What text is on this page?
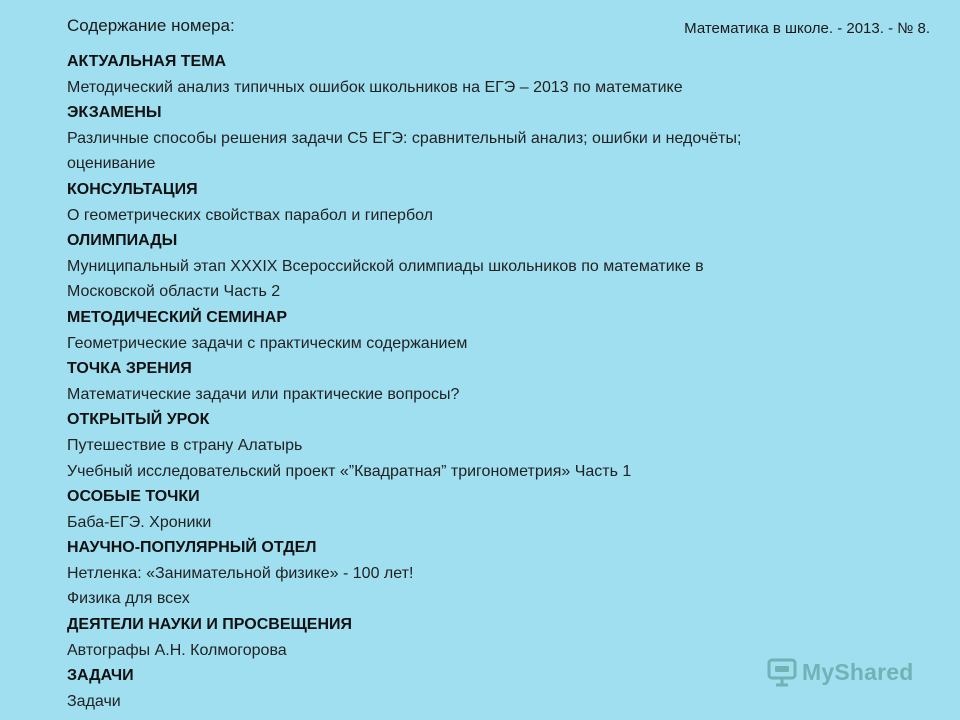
Содержание номера:	Математика в школе. - 2013. - № 8.
АКТУАЛЬНАЯ ТЕМА
Методический анализ типичных ошибок школьников на ЕГЭ – 2013 по математике
ЭКЗАМЕНЫ
Различные способы решения задачи С5 ЕГЭ: сравнительный анализ; ошибки и недочёты;
оценивание
КОНСУЛЬТАЦИЯ
О геометрических свойствах парабол и гипербол
ОЛИМПИАДЫ
Муниципальный этап XXXIX Всероссийской олимпиады школьников по математике в
Московской области Часть 2
МЕТОДИЧЕСКИЙ СЕМИНАР
Геометрические задачи с практическим содержанием
ТОЧКА ЗРЕНИЯ
Математические задачи или практические вопросы?
ОТКРЫТЫЙ УРОК
Путешествие в страну Алатырь
Учебный исследовательский проект «”Квадратная” тригонометрия» Часть 1
ОСОБЫЕ ТОЧКИ
Баба-ЕГЭ. Хроники
НАУЧНО-ПОПУЛЯРНЫЙ ОТДЕЛ
Нетленка: «Занимательной физике» - 100 лет!
Физика для всех
ДЕЯТЕЛИ НАУКИ И ПРОСВЕЩЕНИЯ
Автографы А.Н. Колмогорова
ЗАДАЧИ
Задачи
MyShared
